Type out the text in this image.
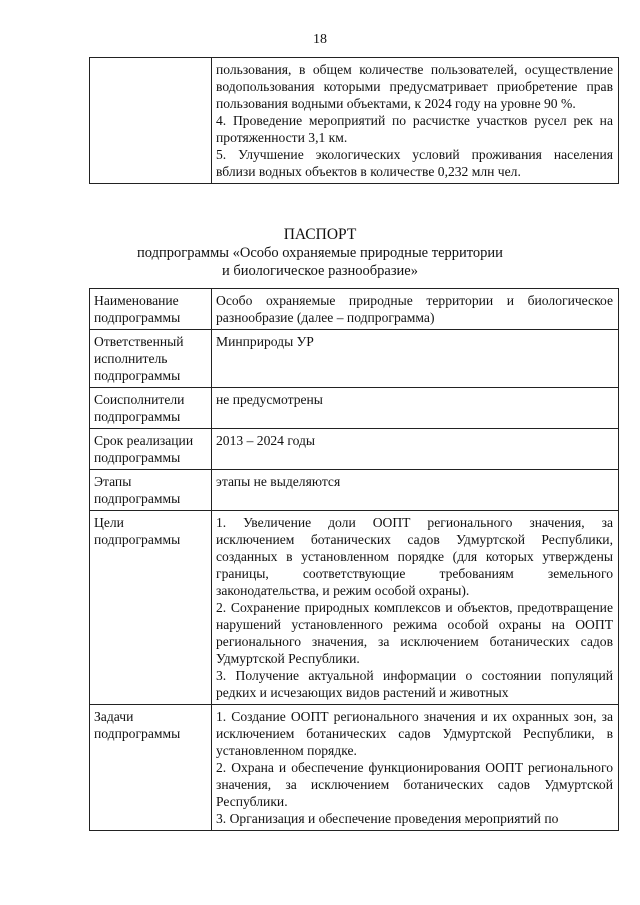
18

пользования, в общем количестве пользователей, осуществление водопользования которыми предусматривает приобретение прав пользования водными объектами, к 2024 году на уровне 90 %.

4. Проведение мероприятий по расчистке участков русел рек на протяженности 3,1 км.

5. Улучшение экологических условий проживания населения вблизи водных объектов в количестве 0,232 млн чел.

ПАСПОРТ
подпрограммы «Особо охраняемые природные территории
и биологическое разнообразие»
Наименование подпрограммы	Особо охраняемые природные территории и биологическое разнообразие (далее – подпрограмма)

Ответственный исполнитель подпрограммы	Минприроды УР

Соисполнители подпрограммы	не предусмотрены

Срок реализации подпрограммы	2013 – 2024 годы

Этапы подпрограммы	этапы не выделяются

Цели подпрограммы	1. Увеличение доли ООПТ регионального значения, за исключением ботанических садов Удмуртской Республики, созданных в установленном порядке (для которых утверждены границы, соответствующие требованиям земельного законодательства, и режим особой охраны).

2. Сохранение природных комплексов и объектов, предотвращение нарушений установленного режима особой охраны на ООПТ регионального значения, за исключением ботанических садов Удмуртской Республики.

3. Получение актуальной информации о состоянии популяций редких и исчезающих видов растений и животных

Задачи подпрограммы	1. Создание ООПТ регионального значения и их охранных зон, за исключением ботанических садов Удмуртской Республики, в установленном порядке.

2. Охрана и обеспечение функционирования ООПТ регионального значения, за исключением ботанических садов Удмуртской Республики.

3. Организация и обеспечение проведения мероприятий по
